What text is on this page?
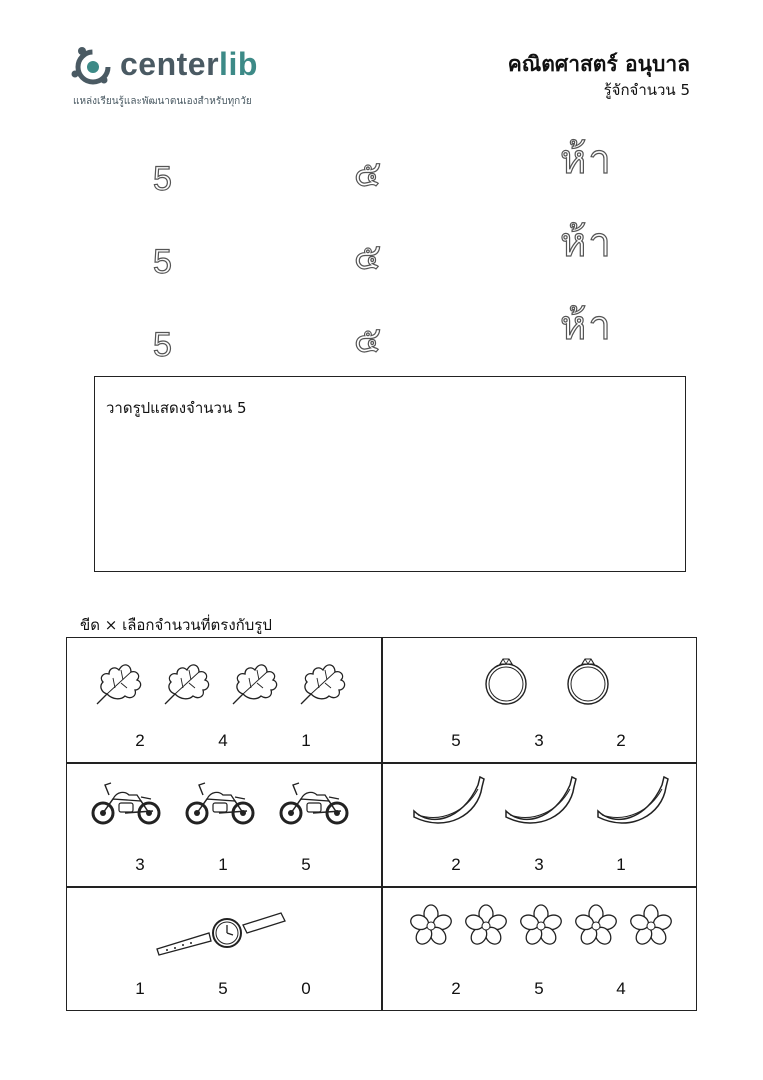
centerlib
แหล่งเรียนรู้และพัฒนาตนเองสำหรับทุกวัย
คณิตศาสตร์ อนุบาล
รู้จักจำนวน 5
5	๕	ห้า
5	๕	ห้า
5	๕	ห้า
วาดรูปแสดงจำนวน 5
ขีด × เลือกจำนวนที่ตรงกับรูป
2	4	1	5	3	2
3	1	5	2	3	1
1	5	0	2	5	4
